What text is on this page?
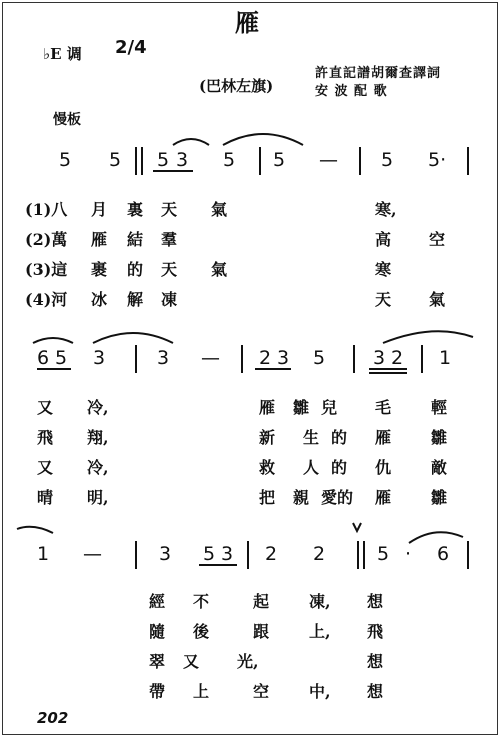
雁
♭E 调 2/4
(巴林左旗)
許直記譜胡爾查譯詞
安 波 配 歌
慢板
5 5 5 3 5 5 — 5 5·
(1)八 月 裏 天 氣	寒,
(2)萬 雁 結 羣	高 空
(3)這 裹 的 天 氣	寒
(4)河 冰 解 凍	天 氣
6 5 3	3 — 2 3 5	3 2 1
又 冷,	雁 雛 兒 毛 輕
飛 翔,	新 生 的 雁 雛
又 冷,	救 人 的 仇 敵
晴 明,	把 親 愛的 雁 雛
1 —	3 5 3 2 2	5 · 6
經 不	起 凍, 想
隨 後	跟 上, 飛
翠 又 光,	想
帶 上	空 中, 想
202
